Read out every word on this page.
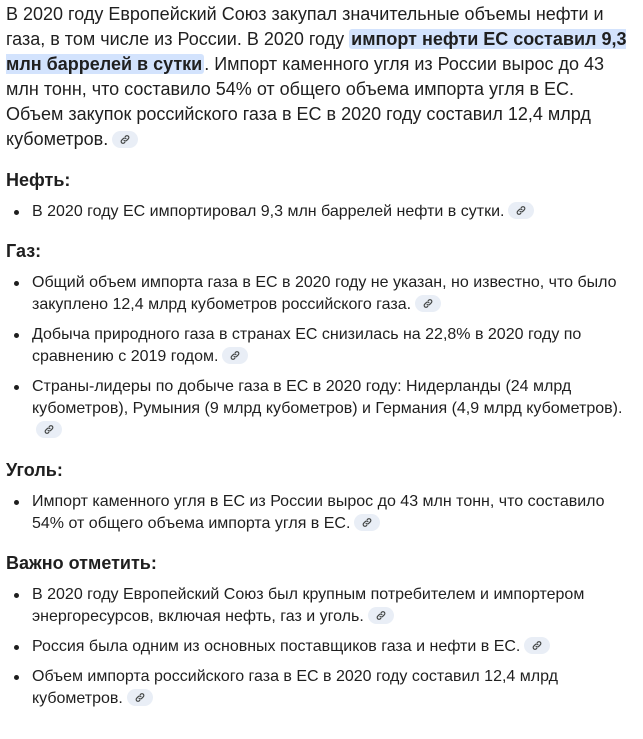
В 2020 году Европейский Союз закупал значительные объемы нефти и газа, в том числе из России. В 2020 году импорт нефти ЕС составил 9,3 млн баррелей в сутки . Импорт каменного угля из России вырос до 43 млн тонн, что составило 54% от общего объема импорта угля в ЕС. Объем закупок российского газа в ЕС в 2020 году составил 12,4 млрд кубометров.

Нефть:
В 2020 году ЕС импортировал 9,3 млн баррелей нефти в сутки.
Газ:
Общий объем импорта газа в ЕС в 2020 году не указан, но известно, что было закуплено 12,4 млрд кубометров российского газа.
Добыча природного газа в странах ЕС снизилась на 22,8% в 2020 году по сравнению с 2019 годом.
Страны-лидеры по добыче газа в ЕС в 2020 году: Нидерланды (24 млрд кубометров), Румыния (9 млрд кубометров) и Германия (4,9 млрд кубометров).
Уголь:
Импорт каменного угля в ЕС из России вырос до 43 млн тонн, что составило 54% от общего объема импорта угля в ЕС.
Важно отметить:
В 2020 году Европейский Союз был крупным потребителем и импортером энергоресурсов, включая нефть, газ и уголь.
Россия была одним из основных поставщиков газа и нефти в ЕС.
Объем импорта российского газа в ЕС в 2020 году составил 12,4 млрд кубометров.
